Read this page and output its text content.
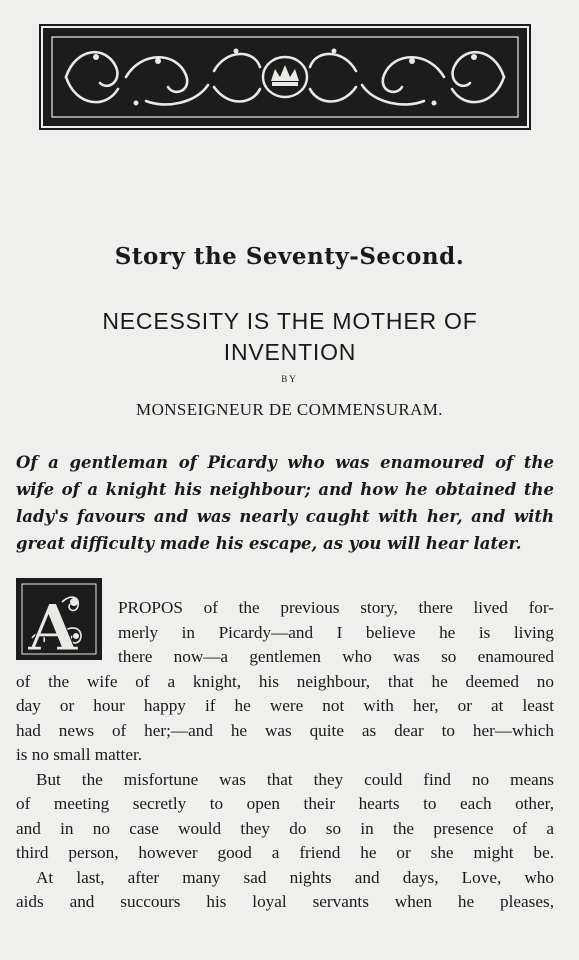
Story the Seventy-Second.
NECESSITY IS THE MOTHER OF INVENTION
BY
MONSEIGNEUR DE COMMENSURAM.
Of a gentleman of Picardy who was enamoured of the
wife of a knight his neighbour; and how he obtained the
lady's favours and was nearly caught with her, and with
great difficulty made his escape, as you will hear later.
A PROPOS of the previous story, there lived for-
merly in Picardy—and I believe he is living
there now—a gentlemen who was so enamoured
of the wife of a knight, his neighbour, that he deemed no
day or hour happy if he were not with her, or at least
had news of her;—and he was quite as dear to her—which
is no small matter.
But the misfortune was that they could find no means
of meeting secretly to open their hearts to each other,
and in no case would they do so in the presence of a
third person, however good a friend he or she might be.
At last, after many sad nights and days, Love, who
aids and succours his loyal servants when he pleases,
